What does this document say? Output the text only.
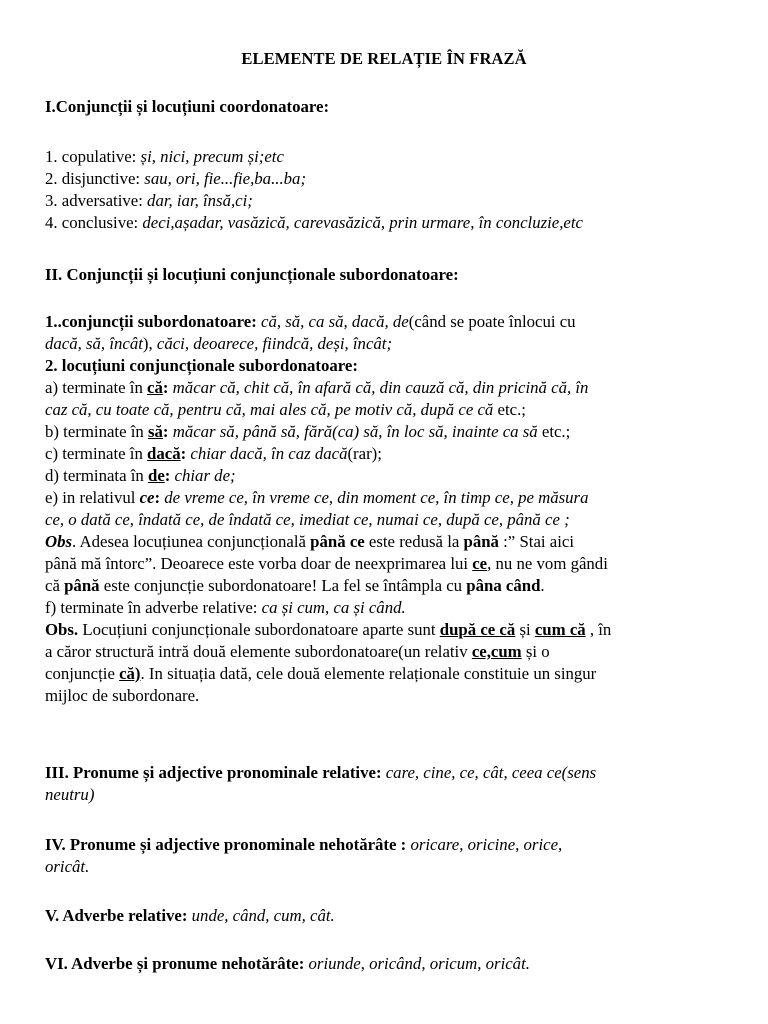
ELEMENTE DE RELAȚIE ÎN FRAZĂ
I.Conjuncții și locuțiuni coordonatoare:
1. copulative: și, nici, precum și;etc
2. disjunctive: sau, ori, fie...fie,ba...ba;
3. adversative: dar, iar, însă,ci;
4. conclusive: deci,așadar, vasăzică, carevasăzică, prin urmare, în concluzie,etc
II. Conjuncții și locuțiuni conjuncționale subordonatoare:
1..conjuncții subordonatoare: că, să, ca să, dacă, de(când se poate înlocui cu
dacă, să, încât), căci, deoarece, fiindcă, deși, încât;
2. locuțiuni conjuncționale subordonatoare:
a) terminate în că: măcar că, chit că, în afară că, din cauză că, din pricină că, în
caz că, cu toate că, pentru că, mai ales că, pe motiv că, după ce că etc.;
b) terminate în să: măcar să, până să, fără(ca) să, în loc să, inainte ca să etc.;
c) terminate în dacă: chiar dacă, în caz dacă(rar);
d) terminata în de: chiar de;
e) in relativul ce: de vreme ce, în vreme ce, din moment ce, în timp ce, pe măsura
ce, o dată ce, îndată ce, de îndată ce, imediat ce, numai ce, după ce, până ce ;
Obs. Adesea locuțiunea conjuncțională până ce este redusă la până :” Stai aici
până mă întorc”. Deoarece este vorba doar de neexprimarea lui ce, nu ne vom gândi
că până este conjuncție subordonatoare! La fel se întâmpla cu pâna când.
f) terminate în adverbe relative: ca și cum, ca și când.
Obs. Locuțiuni conjuncționale subordonatoare aparte sunt după ce că și cum că , în
a căror structură intră două elemente subordonatoare(un relativ ce,cum și o
conjuncție că). In situația dată, cele două elemente relaționale constituie un singur
mijloc de subordonare.
III. Pronume și adjective pronominale relative: care, cine, ce, cât, ceea ce(sens
neutru)
IV. Pronume și adjective pronominale nehotărâte : oricare, oricine, orice,
oricât.
V. Adverbe relative: unde, când, cum, cât.
VI. Adverbe și pronume nehotărâte: oriunde, oricând, oricum, oricât.
